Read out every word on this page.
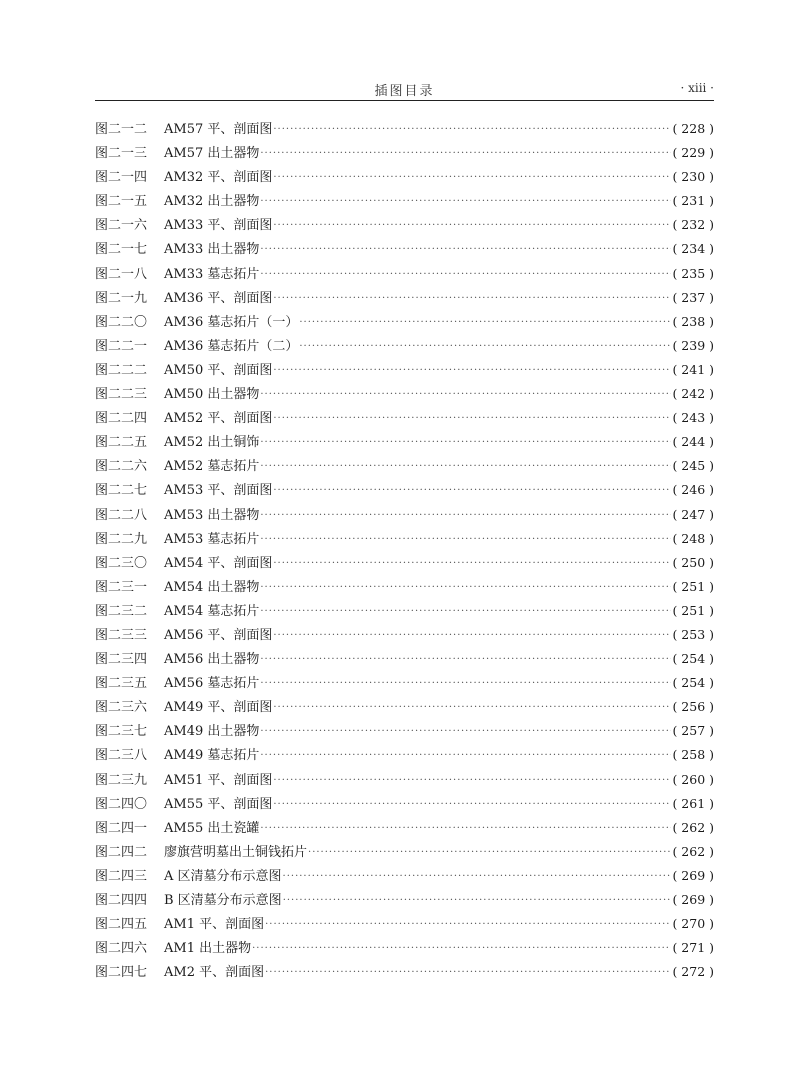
插图目录	· xiii ·
图二一二	AM57 平、剖面图 ·····	( 228 )
图二一三	AM57 出土器物 ·····	( 229 )
图二一四	AM32 平、剖面图 ·····	( 230 )
图二一五	AM32 出土器物 ·····	( 231 )
图二一六	AM33 平、剖面图 ·····	( 232 )
图二一七	AM33 出土器物 ·····	( 234 )
图二一八	AM33 墓志拓片 ·····	( 235 )
图二一九	AM36 平、剖面图 ·····	( 237 )
图二二〇	AM36 墓志拓片（一） ·····	( 238 )
图二二一	AM36 墓志拓片（二） ·····	( 239 )
图二二二	AM50 平、剖面图 ·····	( 241 )
图二二三	AM50 出土器物 ·····	( 242 )
图二二四	AM52 平、剖面图 ·····	( 243 )
图二二五	AM52 出土铜饰 ·····	( 244 )
图二二六	AM52 墓志拓片 ·····	( 245 )
图二二七	AM53 平、剖面图 ·····	( 246 )
图二二八	AM53 出土器物 ·····	( 247 )
图二二九	AM53 墓志拓片 ·····	( 248 )
图二三〇	AM54 平、剖面图 ·····	( 250 )
图二三一	AM54 出土器物 ·····	( 251 )
图二三二	AM54 墓志拓片 ·····	( 251 )
图二三三	AM56 平、剖面图 ·····	( 253 )
图二三四	AM56 出土器物 ·····	( 254 )
图二三五	AM56 墓志拓片 ·····	( 254 )
图二三六	AM49 平、剖面图 ·····	( 256 )
图二三七	AM49 出土器物 ·····	( 257 )
图二三八	AM49 墓志拓片 ·····	( 258 )
图二三九	AM51 平、剖面图 ·····	( 260 )
图二四〇	AM55 平、剖面图 ·····	( 261 )
图二四一	AM55 出土瓷罐 ·····	( 262 )
图二四二	廖旗营明墓出土铜钱拓片 ·····	( 262 )
图二四三	A 区清墓分布示意图 ·····	( 269 )
图二四四	B 区清墓分布示意图 ·····	( 269 )
图二四五	AM1 平、剖面图 ·····	( 270 )
图二四六	AM1 出土器物 ·····	( 271 )
图二四七	AM2 平、剖面图 ·····	( 272 )
